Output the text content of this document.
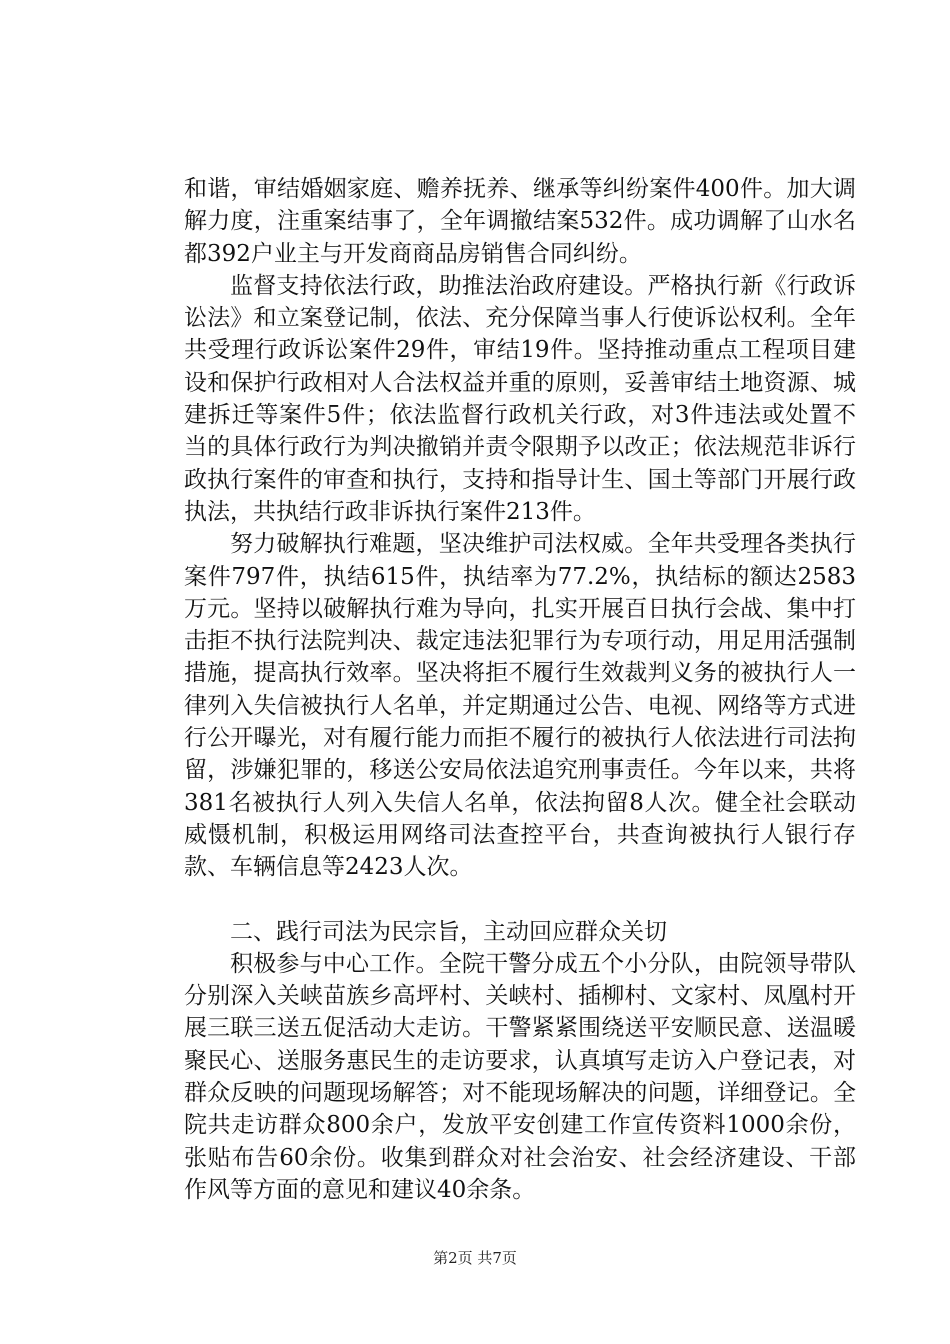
和谐，审结婚姻家庭、赡养抚养、继承等纠纷案件400件。加大调解力度，注重案结事了，全年调撤结案532件。成功调解了山水名都392户业主与开发商商品房销售合同纠纷。

监督支持依法行政，助推法治政府建设。严格执行新《行政诉讼法》和立案登记制，依法、充分保障当事人行使诉讼权利。全年共受理行政诉讼案件29件，审结19件。坚持推动重点工程项目建设和保护行政相对人合法权益并重的原则，妥善审结土地资源、城建拆迁等案件5件；依法监督行政机关行政，对3件违法或处置不当的具体行政行为判决撤销并责令限期予以改正；依法规范非诉行政执行案件的审查和执行，支持和指导计生、国土等部门开展行政执法，共执结行政非诉执行案件213件。

努力破解执行难题，坚决维护司法权威。全年共受理各类执行案件797件，执结615件，执结率为77.2%，执结标的额达2583万元。坚持以破解执行难为导向，扎实开展百日执行会战、集中打击拒不执行法院判决、裁定违法犯罪行为专项行动，用足用活强制措施，提高执行效率。坚决将拒不履行生效裁判义务的被执行人一律列入失信被执行人名单，并定期通过公告、电视、网络等方式进行公开曝光，对有履行能力而拒不履行的被执行人依法进行司法拘留，涉嫌犯罪的，移送公安局依法追究刑事责任。今年以来，共将381名被执行人列入失信人名单，依法拘留8人次。健全社会联动威慑机制，积极运用网络司法查控平台，共查询被执行人银行存款、车辆信息等2423人次。

二、践行司法为民宗旨，主动回应群众关切

积极参与中心工作。全院干警分成五个小分队，由院领导带队分别深入关峡苗族乡高坪村、关峡村、插柳村、文家村、凤凰村开展三联三送五促活动大走访。干警紧紧围绕送平安顺民意、送温暖聚民心、送服务惠民生的走访要求，认真填写走访入户登记表，对群众反映的问题现场解答；对不能现场解决的问题，详细登记。全院共走访群众800余户，发放平安创建工作宣传资料1000余份，张贴布告60余份。收集到群众对社会治安、社会经济建设、干部作风等方面的意见和建议40余条。

第2页 共7页
